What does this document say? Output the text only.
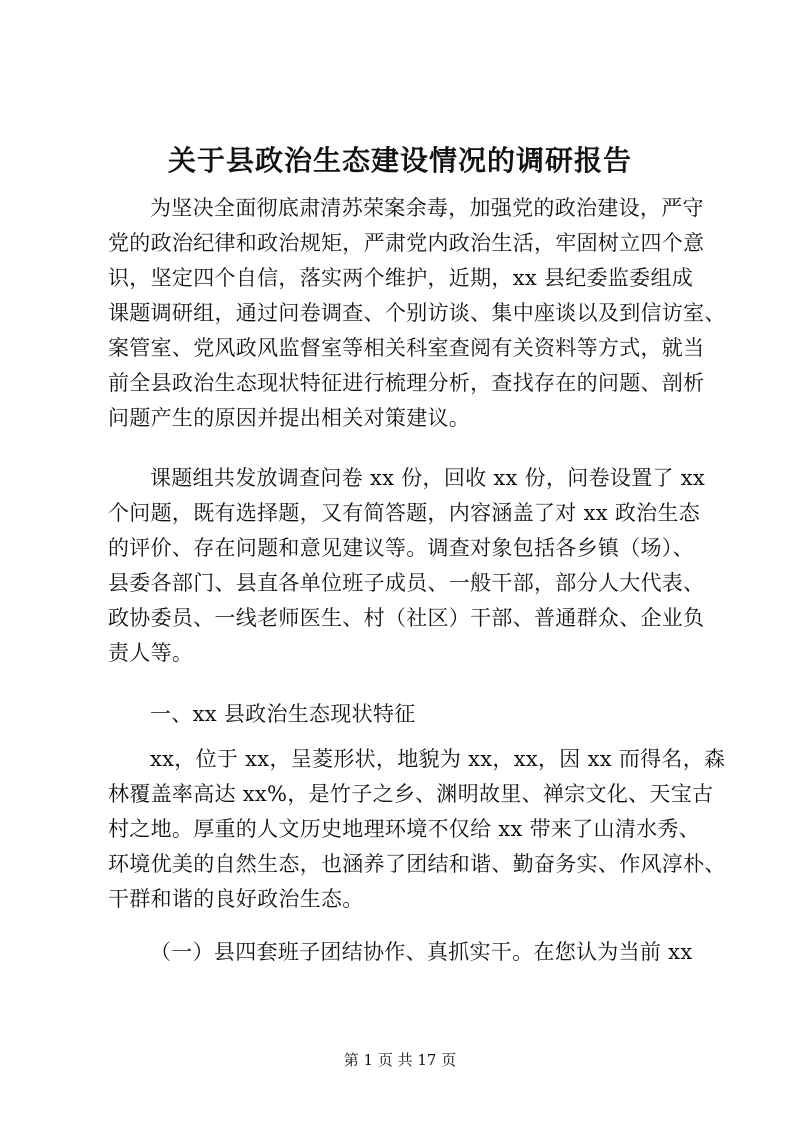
关于县政治生态建设情况的调研报告
为坚决全面彻底肃清苏荣案余毒，加强党的政治建设，严守
党的政治纪律和政治规矩，严肃党内政治生活，牢固树立四个意
识，坚定四个自信，落实两个维护，近期，xx 县纪委监委组成
课题调研组，通过问卷调查、个别访谈、集中座谈以及到信访室、
案管室、党风政风监督室等相关科室查阅有关资料等方式，就当
前全县政治生态现状特征进行梳理分析，查找存在的问题、剖析
问题产生的原因并提出相关对策建议。
课题组共发放调查问卷 xx 份，回收 xx 份，问卷设置了 xx
个问题，既有选择题，又有简答题，内容涵盖了对 xx 政治生态
的评价、存在问题和意见建议等。调查对象包括各乡镇（场）、
县委各部门、县直各单位班子成员、一般干部，部分人大代表、
政协委员、一线老师医生、村（社区）干部、普通群众、企业负
责人等。
一、xx 县政治生态现状特征
xx，位于 xx，呈菱形状，地貌为 xx，xx，因 xx 而得名，森
林覆盖率高达 xx%，是竹子之乡、渊明故里、禅宗文化、天宝古
村之地。厚重的人文历史地理环境不仅给 xx 带来了山清水秀、
环境优美的自然生态，也涵养了团结和谐、勤奋务实、作风淳朴、
干群和谐的良好政治生态。
（一）县四套班子团结协作、真抓实干。在您认为当前 xx
第 1 页 共 17 页
